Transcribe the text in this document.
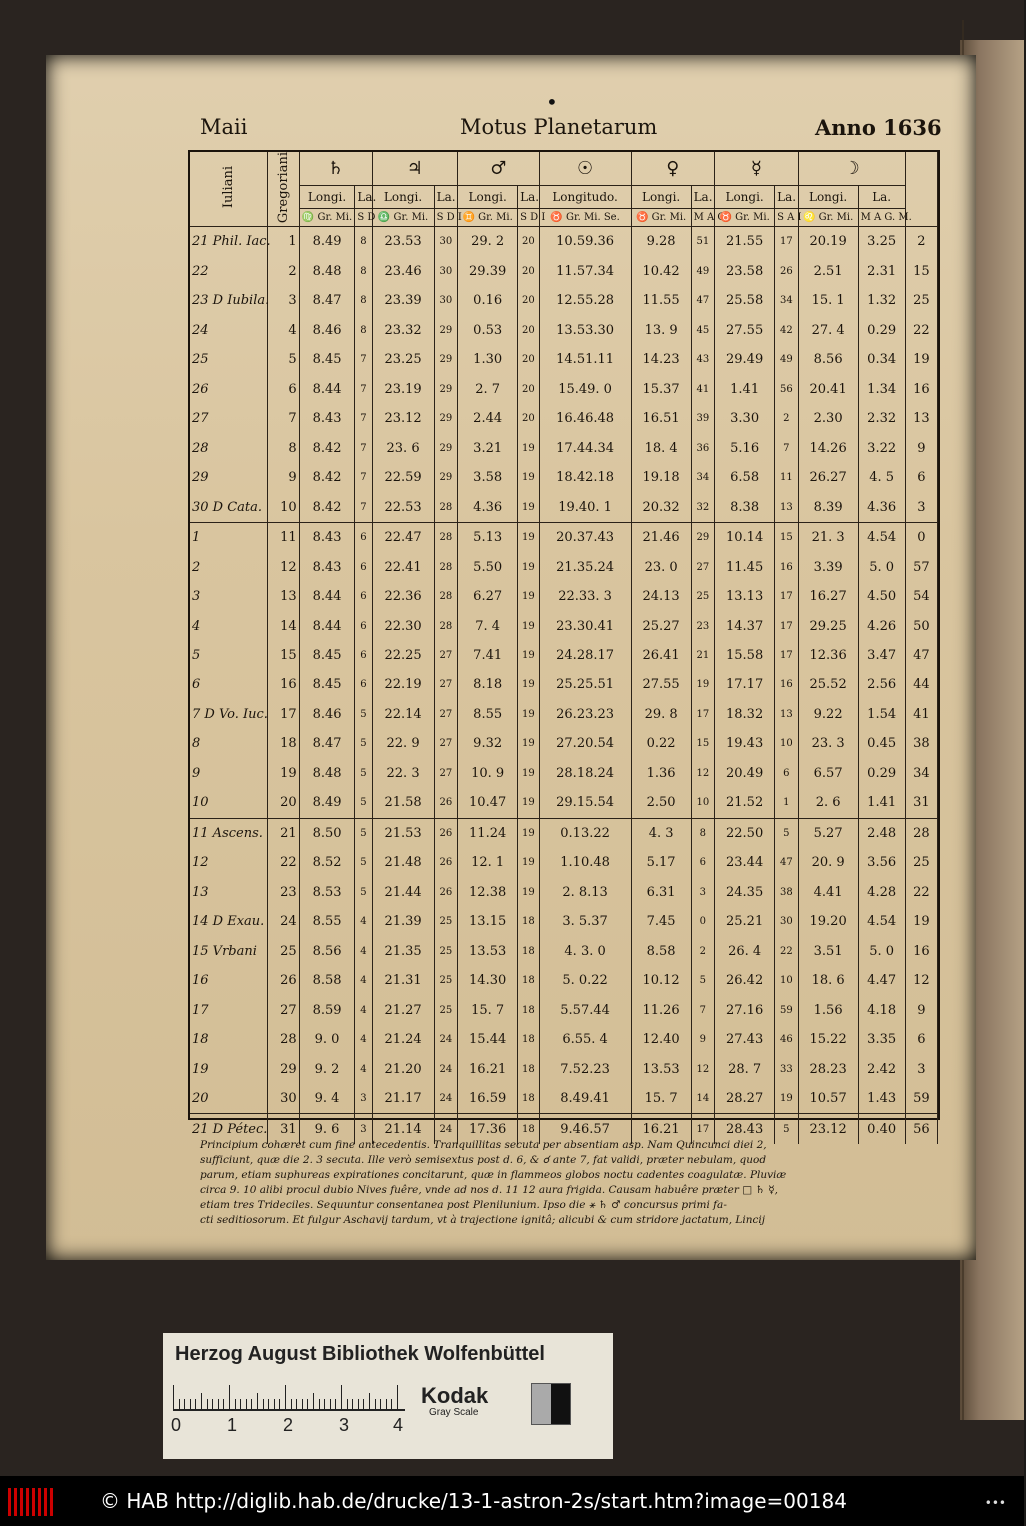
•
Maii	Motus Planetarum	Anno 1636
Iuliani	Gregoriani	♄		♃		♂		☉	♀		☿		☽		
		Longi.	La.	Longi.	La.	Longi.	La.	Longitudo.	Longi.	La.	Longi.	La.	Longi.	La.	
		♍ Gr. Mi.	S D 2	♎ Gr. Mi.	S D I	♊ Gr. Mi.	S D I	♉ Gr. Mi. Se.	♉ Gr. Mi.	M A O	♉ Gr. Mi.	S A I	♌ Gr. Mi.	M A G. M.	
21 Phil. Iac.	1	8.49	8	23.53	30	29. 2	20	10.59.36	9.28	51	21.55	17	20.19	3.25	2
22	2	8.48	8	23.46	30	29.39	20	11.57.34	10.42	49	23.58	26	2.51	2.31	15
23 D Iubila.	3	8.47	8	23.39	30	0.16	20	12.55.28	11.55	47	25.58	34	15. 1	1.32	25
24	4	8.46	8	23.32	29	0.53	20	13.53.30	13. 9	45	27.55	42	27. 4	0.29	22
25	5	8.45	7	23.25	29	1.30	20	14.51.11	14.23	43	29.49	49	8.56	0.34	19
26	6	8.44	7	23.19	29	2. 7	20	15.49. 0	15.37	41	1.41	56	20.41	1.34	16
27	7	8.43	7	23.12	29	2.44	20	16.46.48	16.51	39	3.30	2	2.30	2.32	13
28	8	8.42	7	23. 6	29	3.21	19	17.44.34	18. 4	36	5.16	7	14.26	3.22	9
29	9	8.42	7	22.59	29	3.58	19	18.42.18	19.18	34	6.58	11	26.27	4. 5	6
30 D Cata.	10	8.42	7	22.53	28	4.36	19	19.40. 1	20.32	32	8.38	13	8.39	4.36	3
1	11	8.43	6	22.47	28	5.13	19	20.37.43	21.46	29	10.14	15	21. 3	4.54	0
2	12	8.43	6	22.41	28	5.50	19	21.35.24	23. 0	27	11.45	16	3.39	5. 0	57
3	13	8.44	6	22.36	28	6.27	19	22.33. 3	24.13	25	13.13	17	16.27	4.50	54
4	14	8.44	6	22.30	28	7. 4	19	23.30.41	25.27	23	14.37	17	29.25	4.26	50
5	15	8.45	6	22.25	27	7.41	19	24.28.17	26.41	21	15.58	17	12.36	3.47	47
6	16	8.45	6	22.19	27	8.18	19	25.25.51	27.55	19	17.17	16	25.52	2.56	44
7 D Vo. Iuc.	17	8.46	5	22.14	27	8.55	19	26.23.23	29. 8	17	18.32	13	9.22	1.54	41
8	18	8.47	5	22. 9	27	9.32	19	27.20.54	0.22	15	19.43	10	23. 3	0.45	38
9	19	8.48	5	22. 3	27	10. 9	19	28.18.24	1.36	12	20.49	6	6.57	0.29	34
10	20	8.49	5	21.58	26	10.47	19	29.15.54	2.50	10	21.52	1	2. 6	1.41	31
11 Ascens.	21	8.50	5	21.53	26	11.24	19	0.13.22	4. 3	8	22.50	5	5.27	2.48	28
12	22	8.52	5	21.48	26	12. 1	19	1.10.48	5.17	6	23.44	47	20. 9	3.56	25
13	23	8.53	5	21.44	26	12.38	19	2. 8.13	6.31	3	24.35	38	4.41	4.28	22
14 D Exau.	24	8.55	4	21.39	25	13.15	18	3. 5.37	7.45	0	25.21	30	19.20	4.54	19
15 Vrbani	25	8.56	4	21.35	25	13.53	18	4. 3. 0	8.58	2	26. 4	22	3.51	5. 0	16
16	26	8.58	4	21.31	25	14.30	18	5. 0.22	10.12	5	26.42	10	18. 6	4.47	12
17	27	8.59	4	21.27	25	15. 7	18	5.57.44	11.26	7	27.16	59	1.56	4.18	9
18	28	9. 0	4	21.24	24	15.44	18	6.55. 4	12.40	9	27.43	46	15.22	3.35	6
19	29	9. 2	4	21.20	24	16.21	18	7.52.23	13.53	12	28. 7	33	28.23	2.42	3
20	30	9. 4	3	21.17	24	16.59	18	8.49.41	15. 7	14	28.27	19	10.57	1.43	59
21 D Pétec.	31	9. 6	3	21.14	24	17.36	18	9.46.57	16.21	17	28.43	5	23.12	0.40	56

Principium cohæret cum fine antecedentis. Tranquillitas secuta per absentiam asp. Nam Quincunci diei 2,

sufficiunt, quæ die 2. 3 secuta. Ille verò semisextus post d. 6, & ☌ ante 7, fat validi, præter nebulam, quod

parum, etiam suphureas expirationes concitarunt, quæ in flammeos globos noctu cadentes coagulatæ. Pluviæ

circa 9. 10 alibi procul dubio Nives fuêre, vnde ad nos d. 11 12 aura frigida. Causam habuêre præter □ ♄ ☿,

etiam tres Trideciles. Sequuntur consentanea post Plenilunium. Ipso die ⚹ ♄ ♂ concursus primi fa-

cti seditiosorum. Et fulgur Aschavij tardum, vt à trajectione ignitâ; alicubi & cum stridore jactatum, Lincij

Herzog August Bibliothek Wolfenbüttel
0	1	2	3 4
Kodak
Gray Scale
© HAB http://diglib.hab.de/drucke/13-1-astron-2s/start.htm?image=00184	•••
